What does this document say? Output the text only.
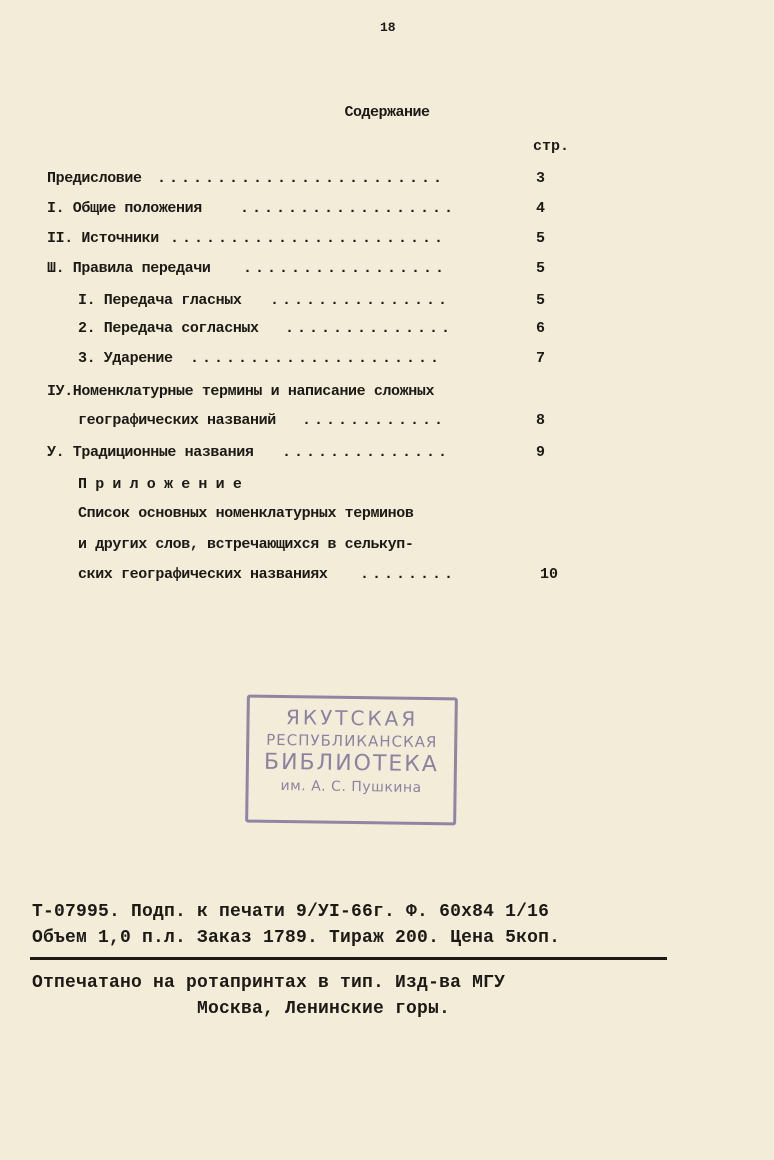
18
Содержание
стр.
Предисловие ........................	3
I. Общие положения	..................	4
II. Источники .......................	5
Ш. Правила передачи .................	5
I. Передача гласных ...............	5
2. Передача согласных ..............	6
3. Ударение .....................	7
IУ.Номенклатурные термины и написание сложных
географических названий ............	8
У. Традиционные названия ..............	9
П р и л о ж е н и е
Список основных номенклатурных терминов
и других слов, встречающихся в селькуп-
ских географических названиях ........	10
ЯКУТСКАЯ
РЕСПУБЛИКАНСКАЯ
БИБЛИОТЕКА
им. А. С. Пушкина
Т-07995. Подп. к печати 9/УI-66г. Ф. 60х84 1/16
Объем 1,0 п.л. Заказ 1789. Тираж 200. Цена 5коп.
Отпечатано на ротапринтах в тип. Изд-ва МГУ
Москва, Ленинские горы.
